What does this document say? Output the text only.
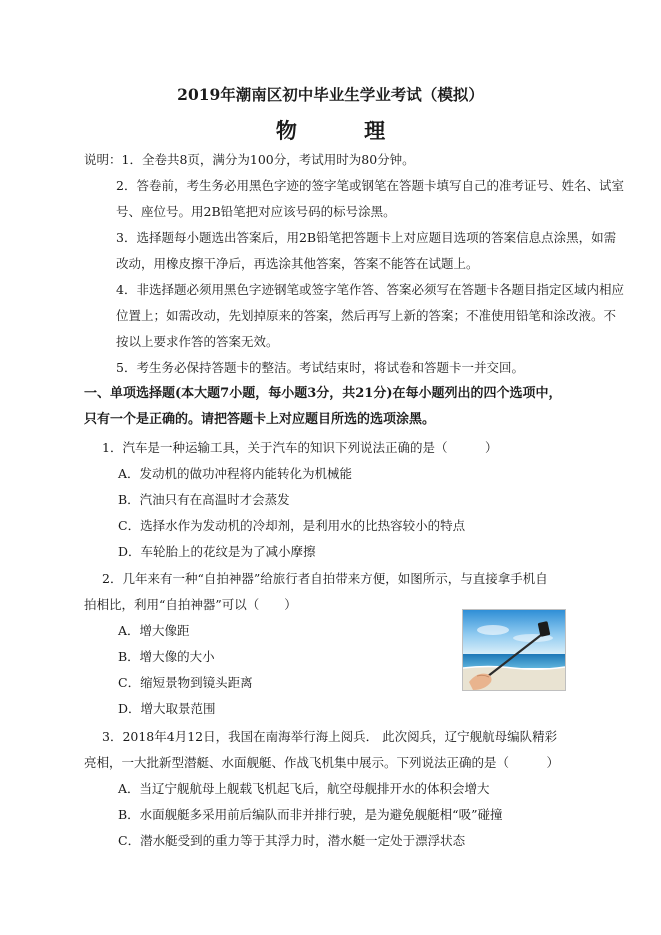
2019年潮南区初中毕业生学业考试（模拟）
物 理
说明：1．全卷共8页，满分为100分，考试用时为80分钟。
2．答卷前，考生务必用黑色字迹的签字笔或钢笔在答题卡填写自己的准考证号、姓名、试室
号、座位号。用2B铅笔把对应该号码的标号涂黑。
3．选择题每小题选出答案后，用2B铅笔把答题卡上对应题目选项的答案信息点涂黑，如需
改动，用橡皮擦干净后，再选涂其他答案，答案不能答在试题上。
4．非选择题必须用黑色字迹钢笔或签字笔作答、答案必须写在答题卡各题目指定区域内相应
位置上；如需改动，先划掉原来的答案，然后再写上新的答案；不准使用铅笔和涂改液。不
按以上要求作答的答案无效。
5．考生务必保持答题卡的整洁。考试结束时，将试卷和答题卡一并交回。
一、单项选择题(本大题7小题，每小题3分，共21分)在每小题列出的四个选项中，
只有一个是正确的。请把答题卡上对应题目所选的选项涂黑。
1．汽车是一种运输工具，关于汽车的知识下列说法正确的是（　　　）
A．发动机的做功冲程将内能转化为机械能
B．汽油只有在高温时才会蒸发
C．选择水作为发动机的冷却剂，是利用水的比热容较小的特点
D．车轮胎上的花纹是为了减小摩擦
2．几年来有一种“自拍神器”给旅行者自拍带来方便，如图所示，与直接拿手机自
拍相比，利用“自拍神器”可以（　　）
A．增大像距
B．增大像的大小
C．缩短景物到镜头距离
D．增大取景范围
3．2018年4月12日，我国在南海举行海上阅兵． 此次阅兵，辽宁舰航母编队精彩
亮相，一大批新型潜艇、水面舰艇、作战飞机集中展示。下列说法正确的是（　　　）
A．当辽宁舰航母上舰载飞机起飞后，航空母舰排开水的体积会增大
B．水面舰艇多采用前后编队而非并排行驶，是为避免舰艇相“吸”碰撞
C．潜水艇受到的重力等于其浮力时，潜水艇一定处于漂浮状态
